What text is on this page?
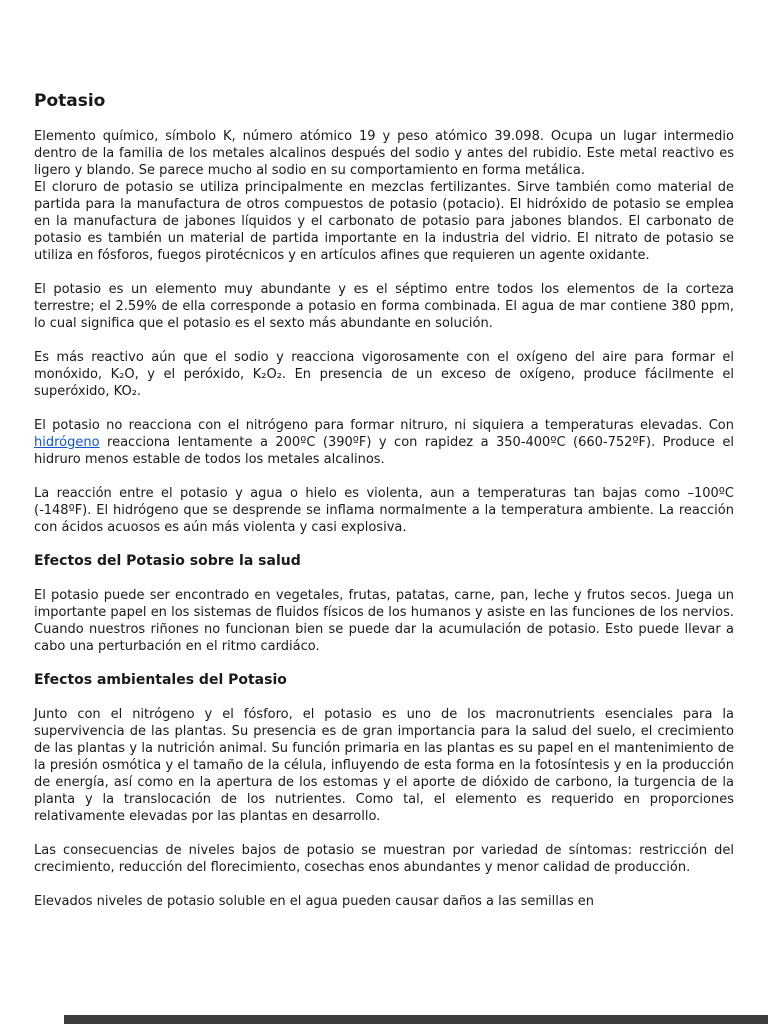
Potasio

Elemento químico, símbolo K, número atómico 19 y peso atómico 39.098. Ocupa un lugar intermedio dentro de la familia de los metales alcalinos después del sodio y antes del rubidio. Este metal reactivo es ligero y blando. Se parece mucho al sodio en su comportamiento en forma metálica.

El cloruro de potasio se utiliza principalmente en mezclas fertilizantes. Sirve también como material de partida para la manufactura de otros compuestos de potasio (potacio). El hidróxido de potasio se emplea en la manufactura de jabones líquidos y el carbonato de potasio para jabones blandos. El carbonato de potasio es también un material de partida importante en la industria del vidrio. El nitrato de potasio se utiliza en fósforos, fuegos pirotécnicos y en artículos afines que requieren un agente oxidante.

El potasio es un elemento muy abundante y es el séptimo entre todos los elementos de la corteza terrestre; el 2.59% de ella corresponde a potasio en forma combinada. El agua de mar contiene 380 ppm, lo cual significa que el potasio es el sexto más abundante en solución.

Es más reactivo aún que el sodio y reacciona vigorosamente con el oxígeno del aire para formar el monóxido, K₂O, y el peróxido, K₂O₂. En presencia de un exceso de oxígeno, produce fácilmente el superóxido, KO₂.

El potasio no reacciona con el nitrógeno para formar nitruro, ni siquiera a temperaturas elevadas. Con hidrógeno reacciona lentamente a 200ºC (390ºF) y con rapidez a 350-400ºC (660-752ºF). Produce el hidruro menos estable de todos los metales alcalinos.

La reacción entre el potasio y agua o hielo es violenta, aun a temperaturas tan bajas como –100ºC (-148ºF). El hidrógeno que se desprende se inflama normalmente a la temperatura ambiente. La reacción con ácidos acuosos es aún más violenta y casi explosiva.

Efectos del Potasio sobre la salud

El potasio puede ser encontrado en vegetales, frutas, patatas, carne, pan, leche y frutos secos. Juega un importante papel en los sistemas de fluidos físicos de los humanos y asiste en las funciones de los nervios. Cuando nuestros riñones no funcionan bien se puede dar la acumulación de potasio. Esto puede llevar a cabo una perturbación en el ritmo cardiáco.

Efectos ambientales del Potasio

Junto con el nitrógeno y el fósforo, el potasio es uno de los macronutrients esenciales para la supervivencia de las plantas. Su presencia es de gran importancia para la salud del suelo, el crecimiento de las plantas y la nutrición animal. Su función primaria en las plantas es su papel en el mantenimiento de la presión osmótica y el tamaño de la célula, influyendo de esta forma en la fotosíntesis y en la producción de energía, así como en la apertura de los estomas y el aporte de dióxido de carbono, la turgencia de la planta y la translocación de los nutrientes. Como tal, el elemento es requerido en proporciones relativamente elevadas por las plantas en desarrollo.

Las consecuencias de niveles bajos de potasio se muestran por variedad de síntomas: restricción del crecimiento, reducción del florecimiento, cosechas enos abundantes y menor calidad de producción.

Elevados niveles de potasio soluble en el agua pueden causar daños a las semillas en
